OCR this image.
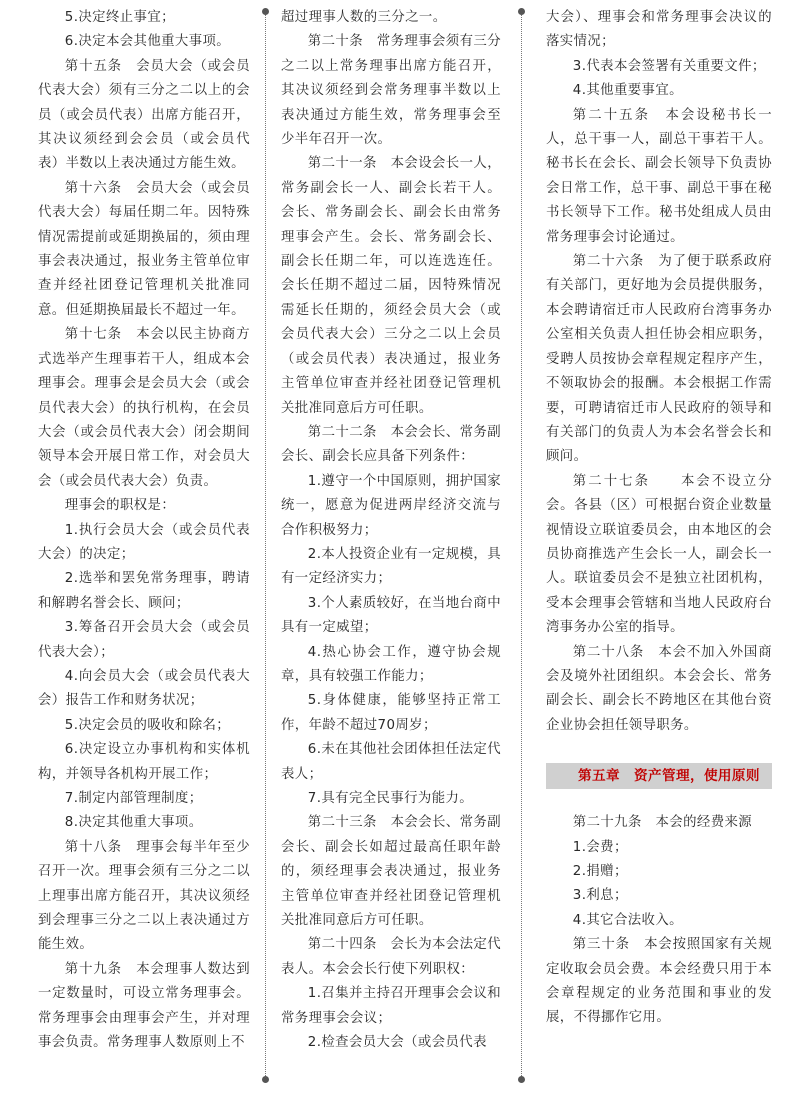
5.决定终止事宜；

6.决定本会其他重大事项。

第十五条　会员大会（或会员代表大会）须有三分之二以上的会员（或会员代表）出席方能召开，其决议须经到会会员（或会员代表）半数以上表决通过方能生效。

第十六条　会员大会（或会员代表大会）每届任期二年。因特殊情况需提前或延期换届的，须由理事会表决通过，报业务主管单位审查并经社团登记管理机关批准同意。但延期换届最长不超过一年。

第十七条　本会以民主协商方式选举产生理事若干人，组成本会理事会。理事会是会员大会（或会员代表大会）的执行机构，在会员大会（或会员代表大会）闭会期间领导本会开展日常工作，对会员大会（或会员代表大会）负责。

理事会的职权是：

1.执行会员大会（或会员代表大会）的决定；

2.选举和罢免常务理事，聘请和解聘名誉会长、顾问；

3.筹备召开会员大会（或会员代表大会）；

4.向会员大会（或会员代表大会）报告工作和财务状况；

5.决定会员的吸收和除名；

6.决定设立办事机构和实体机构，并领导各机构开展工作；

7.制定内部管理制度；

8.决定其他重大事项。

第十八条　理事会每半年至少召开一次。理事会须有三分之二以上理事出席方能召开，其决议须经到会理事三分之二以上表决通过方能生效。

第十九条　本会理事人数达到一定数量时，可设立常务理事会。常务理事会由理事会产生，并对理事会负责。常务理事人数原则上不

超过理事人数的三分之一。

第二十条　常务理事会须有三分之二以上常务理事出席方能召开，其决议须经到会常务理事半数以上表决通过方能生效，常务理事会至少半年召开一次。

第二十一条　本会设会长一人，常务副会长一人、副会长若干人。会长、常务副会长、副会长由常务理事会产生。会长、常务副会长、副会长任期二年，可以连选连任。会长任期不超过二届，因特殊情况需延长任期的，须经会员大会（或会员代表大会）三分之二以上会员（或会员代表）表决通过，报业务主管单位审查并经社团登记管理机关批准同意后方可任职。

第二十二条　本会会长、常务副会长、副会长应具备下列条件：

1.遵守一个中国原则，拥护国家统一，愿意为促进两岸经济交流与合作积极努力；

2.本人投资企业有一定规模，具有一定经济实力；

3.个人素质较好，在当地台商中具有一定威望；

4.热心协会工作，遵守协会规章，具有较强工作能力；

5.身体健康，能够坚持正常工作，年龄不超过70周岁；

6.未在其他社会团体担任法定代表人；

7.具有完全民事行为能力。

第二十三条　本会会长、常务副会长、副会长如超过最高任职年龄的，须经理事会表决通过，报业务主管单位审查并经社团登记管理机关批准同意后方可任职。

第二十四条　会长为本会法定代表人。本会会长行使下列职权：

1.召集并主持召开理事会会议和常务理事会会议；

2.检查会员大会（或会员代表

大会）、理事会和常务理事会决议的落实情况；

3.代表本会签署有关重要文件；

4.其他重要事宜。

第二十五条　本会设秘书长一人，总干事一人，副总干事若干人。秘书长在会长、副会长领导下负责协会日常工作，总干事、副总干事在秘书长领导下工作。秘书处组成人员由常务理事会讨论通过。

第二十六条　为了便于联系政府有关部门，更好地为会员提供服务，本会聘请宿迁市人民政府台湾事务办公室相关负责人担任协会相应职务，受聘人员按协会章程规定程序产生，不领取协会的报酬。本会根据工作需要，可聘请宿迁市人民政府的领导和有关部门的负责人为本会名誉会长和顾问。

第二十七条　　本会不设立分会。各县（区）可根据台资企业数量视情设立联谊委员会，由本地区的会员协商推选产生会长一人，副会长一人。联谊委员会不是独立社团机构，受本会理事会管辖和当地人民政府台湾事务办公室的指导。

第二十八条　本会不加入外国商会及境外社团组织。本会会长、常务副会长、副会长不跨地区在其他台资企业协会担任领导职务。

第五章　资产管理，使用原则

第二十九条　本会的经费来源

1.会费；

2.捐赠；

3.利息；

4.其它合法收入。

第三十条　本会按照国家有关规定收取会员会费。本会经费只用于本会章程规定的业务范围和事业的发展，不得挪作它用。
